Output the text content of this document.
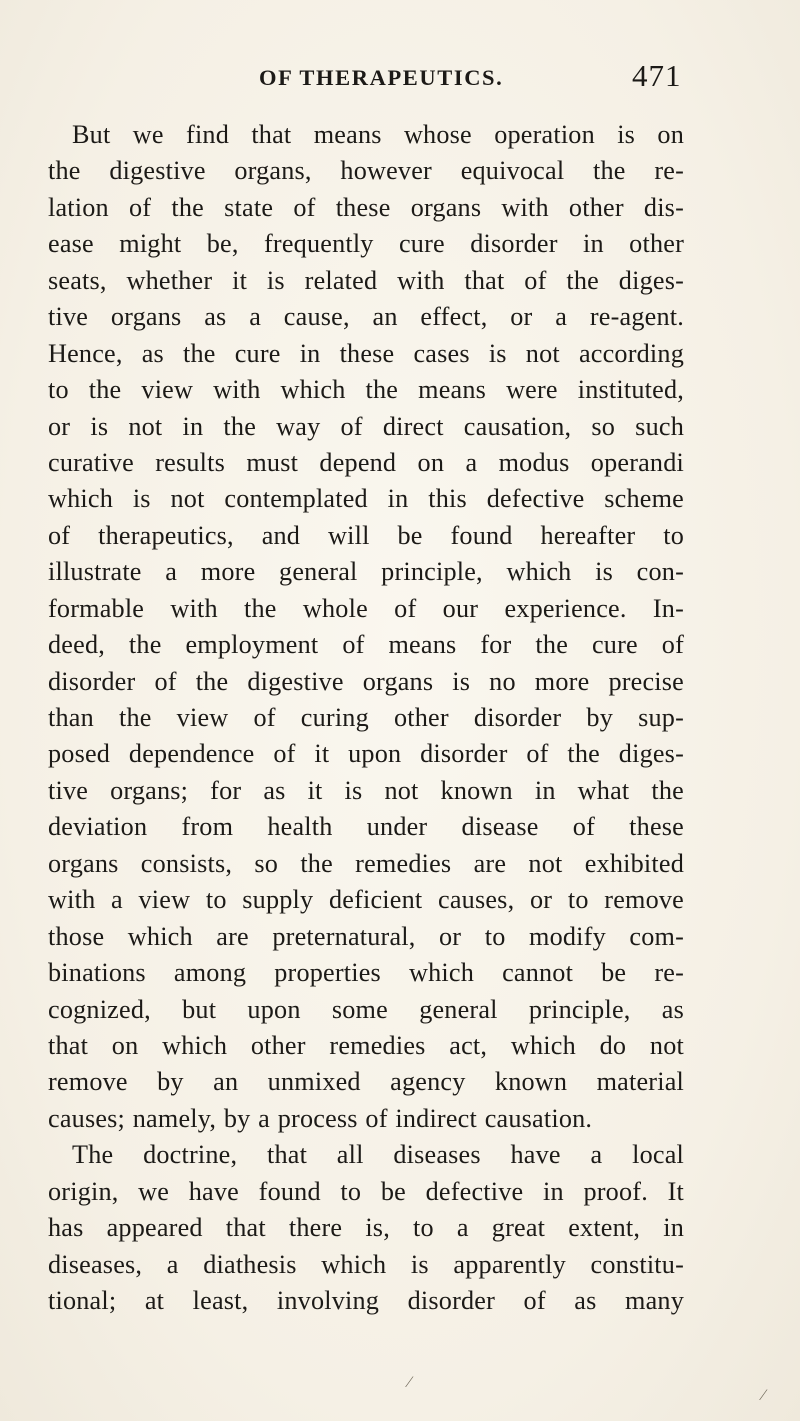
OF THERAPEUTICS.	471
But we find that means whose operation is on
the digestive organs, however equivocal the re-
lation of the state of these organs with other dis-
ease might be, frequently cure disorder in other
seats, whether it is related with that of the diges-
tive organs as a cause, an effect, or a re-agent.
Hence, as the cure in these cases is not according
to the view with which the means were instituted,
or is not in the way of direct causation, so such
curative results must depend on a modus operandi
which is not contemplated in this defective scheme
of therapeutics, and will be found hereafter to
illustrate a more general principle, which is con-
formable with the whole of our experience. In-
deed, the employment of means for the cure of
disorder of the digestive organs is no more precise
than the view of curing other disorder by sup-
posed dependence of it upon disorder of the diges-
tive organs; for as it is not known in what the
deviation from health under disease of these
organs consists, so the remedies are not exhibited
with a view to supply deficient causes, or to remove
those which are preternatural, or to modify com-
binations among properties which cannot be re-
cognized, but upon some general principle, as
that on which other remedies act, which do not
remove by an unmixed agency known material
causes; namely, by a process of indirect causation.
The doctrine, that all diseases have a local
origin, we have found to be defective in proof. It
has appeared that there is, to a great extent, in
diseases, a diathesis which is apparently constitu-
tional; at least, involving disorder of as many
⁄
⁄
